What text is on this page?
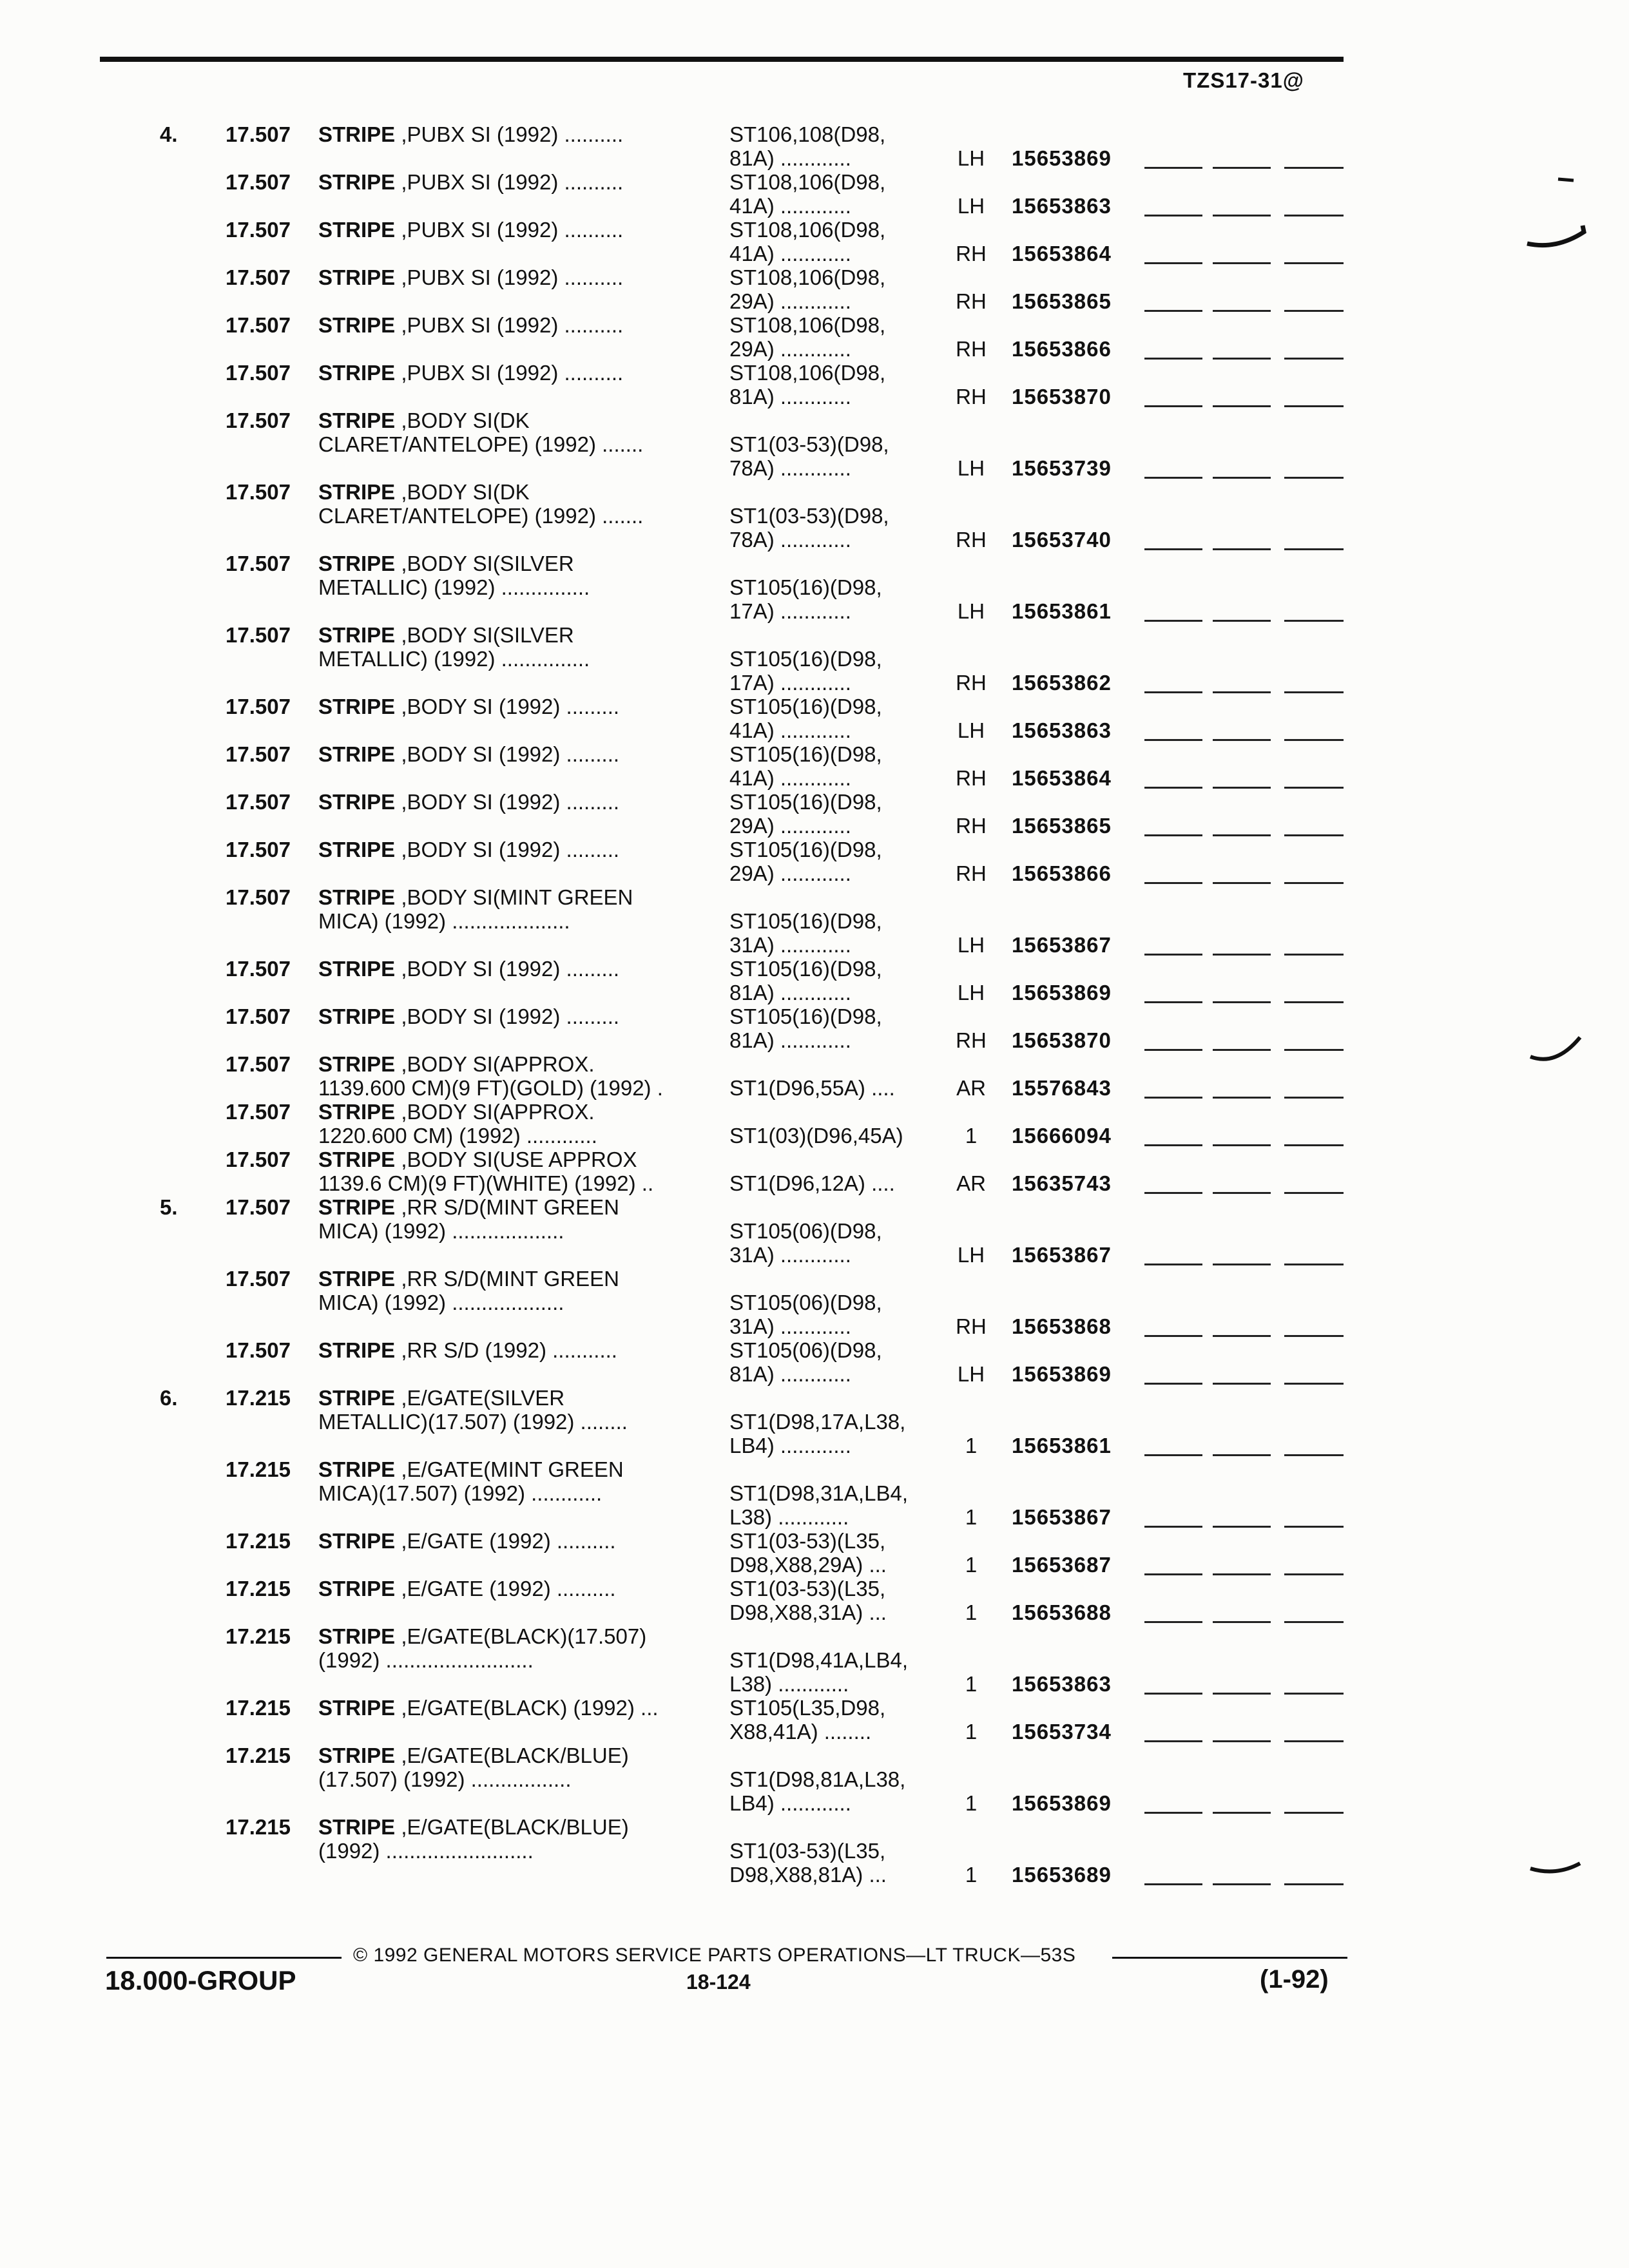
TZS17-31@
4. 17.507 STRIPE ,PUBX SI (1992) ..........	ST106,108(D98,
81A) ............	LH 15653869
17.507 STRIPE ,PUBX SI (1992) ..........	ST108,106(D98,
41A) ............	LH 15653863
17.507 STRIPE ,PUBX SI (1992) ..........	ST108,106(D98,
41A) ............	RH 15653864
17.507 STRIPE ,PUBX SI (1992) ..........	ST108,106(D98,
29A) ............	RH 15653865
17.507 STRIPE ,PUBX SI (1992) ..........	ST108,106(D98,
29A) ............	RH 15653866
17.507 STRIPE ,PUBX SI (1992) ..........	ST108,106(D98,
81A) ............	RH 15653870
17.507 STRIPE ,BODY SI(DK
CLARET/ANTELOPE) (1992) .......	
ST1(03-53)(D98,
78A) ............	LH 15653739
17.507 STRIPE ,BODY SI(DK
CLARET/ANTELOPE) (1992) .......	
ST1(03-53)(D98,
78A) ............	RH 15653740
17.507 STRIPE ,BODY SI(SILVER
METALLIC) (1992) ...............	
ST105(16)(D98,
17A) ............	LH 15653861
17.507 STRIPE ,BODY SI(SILVER
METALLIC) (1992) ...............	
ST105(16)(D98,
17A) ............	RH 15653862
17.507 STRIPE ,BODY SI (1992) .........	ST105(16)(D98,
41A) ............	LH 15653863
17.507 STRIPE ,BODY SI (1992) .........	ST105(16)(D98,
41A) ............	RH 15653864
17.507 STRIPE ,BODY SI (1992) .........	ST105(16)(D98,
29A) ............	RH 15653865
17.507 STRIPE ,BODY SI (1992) .........	ST105(16)(D98,
29A) ............	RH 15653866
17.507 STRIPE ,BODY SI(MINT GREEN
MICA) (1992) ....................	
ST105(16)(D98,
31A) ............	LH 15653867
17.507 STRIPE ,BODY SI (1992) .........	ST105(16)(D98,
81A) ............	LH 15653869
17.507 STRIPE ,BODY SI (1992) .........	ST105(16)(D98,
81A) ............	RH 15653870
17.507 STRIPE ,BODY SI(APPROX.
1139.600 CM)(9 FT)(GOLD) (1992) .	
ST1(D96,55A) ....	AR 15576843
17.507 STRIPE ,BODY SI(APPROX.
1220.600 CM) (1992) ............	
ST1(03)(D96,45A)	1	15666094
17.507 STRIPE ,BODY SI(USE APPROX
1139.6 CM)(9 FT)(WHITE) (1992) ..	
ST1(D96,12A) ....	AR 15635743
5. 17.507 STRIPE ,RR S/D(MINT GREEN
MICA) (1992) ...................	
ST105(06)(D98,
31A) ............	LH 15653867
17.507 STRIPE ,RR S/D(MINT GREEN
MICA) (1992) ...................	
ST105(06)(D98,
31A) ............	RH 15653868
17.507 STRIPE ,RR S/D (1992) ...........	ST105(06)(D98,
81A) ............	LH 15653869
6. 17.215 STRIPE ,E/GATE(SILVER
METALLIC)(17.507) (1992) ........	
ST1(D98,17A,L38,
LB4) ............	1	15653861
17.215 STRIPE ,E/GATE(MINT GREEN
MICA)(17.507) (1992) ............	
ST1(D98,31A,LB4,
L38) ............	1	15653867
17.215 STRIPE ,E/GATE (1992) ..........	ST1(03-53)(L35,
D98,X88,29A) ...	1	15653687
17.215 STRIPE ,E/GATE (1992) ..........	ST1(03-53)(L35,
D98,X88,31A) ...	1	15653688
17.215 STRIPE ,E/GATE(BLACK)(17.507)
(1992) .........................	
ST1(D98,41A,LB4,
L38) ............	1	15653863
17.215 STRIPE ,E/GATE(BLACK) (1992) ...	ST105(L35,D98,
X88,41A) ........	1	15653734
17.215 STRIPE ,E/GATE(BLACK/BLUE)
(17.507) (1992) .................	
ST1(D98,81A,L38,
LB4) ............	1	15653869
17.215 STRIPE ,E/GATE(BLACK/BLUE)
(1992) .........................	
ST1(03-53)(L35,
D98,X88,81A) ...	1	15653689
© 1992 GENERAL MOTORS SERVICE PARTS OPERATIONS—LT TRUCK—53S
18.000-GROUP	18-124	(1-92)
